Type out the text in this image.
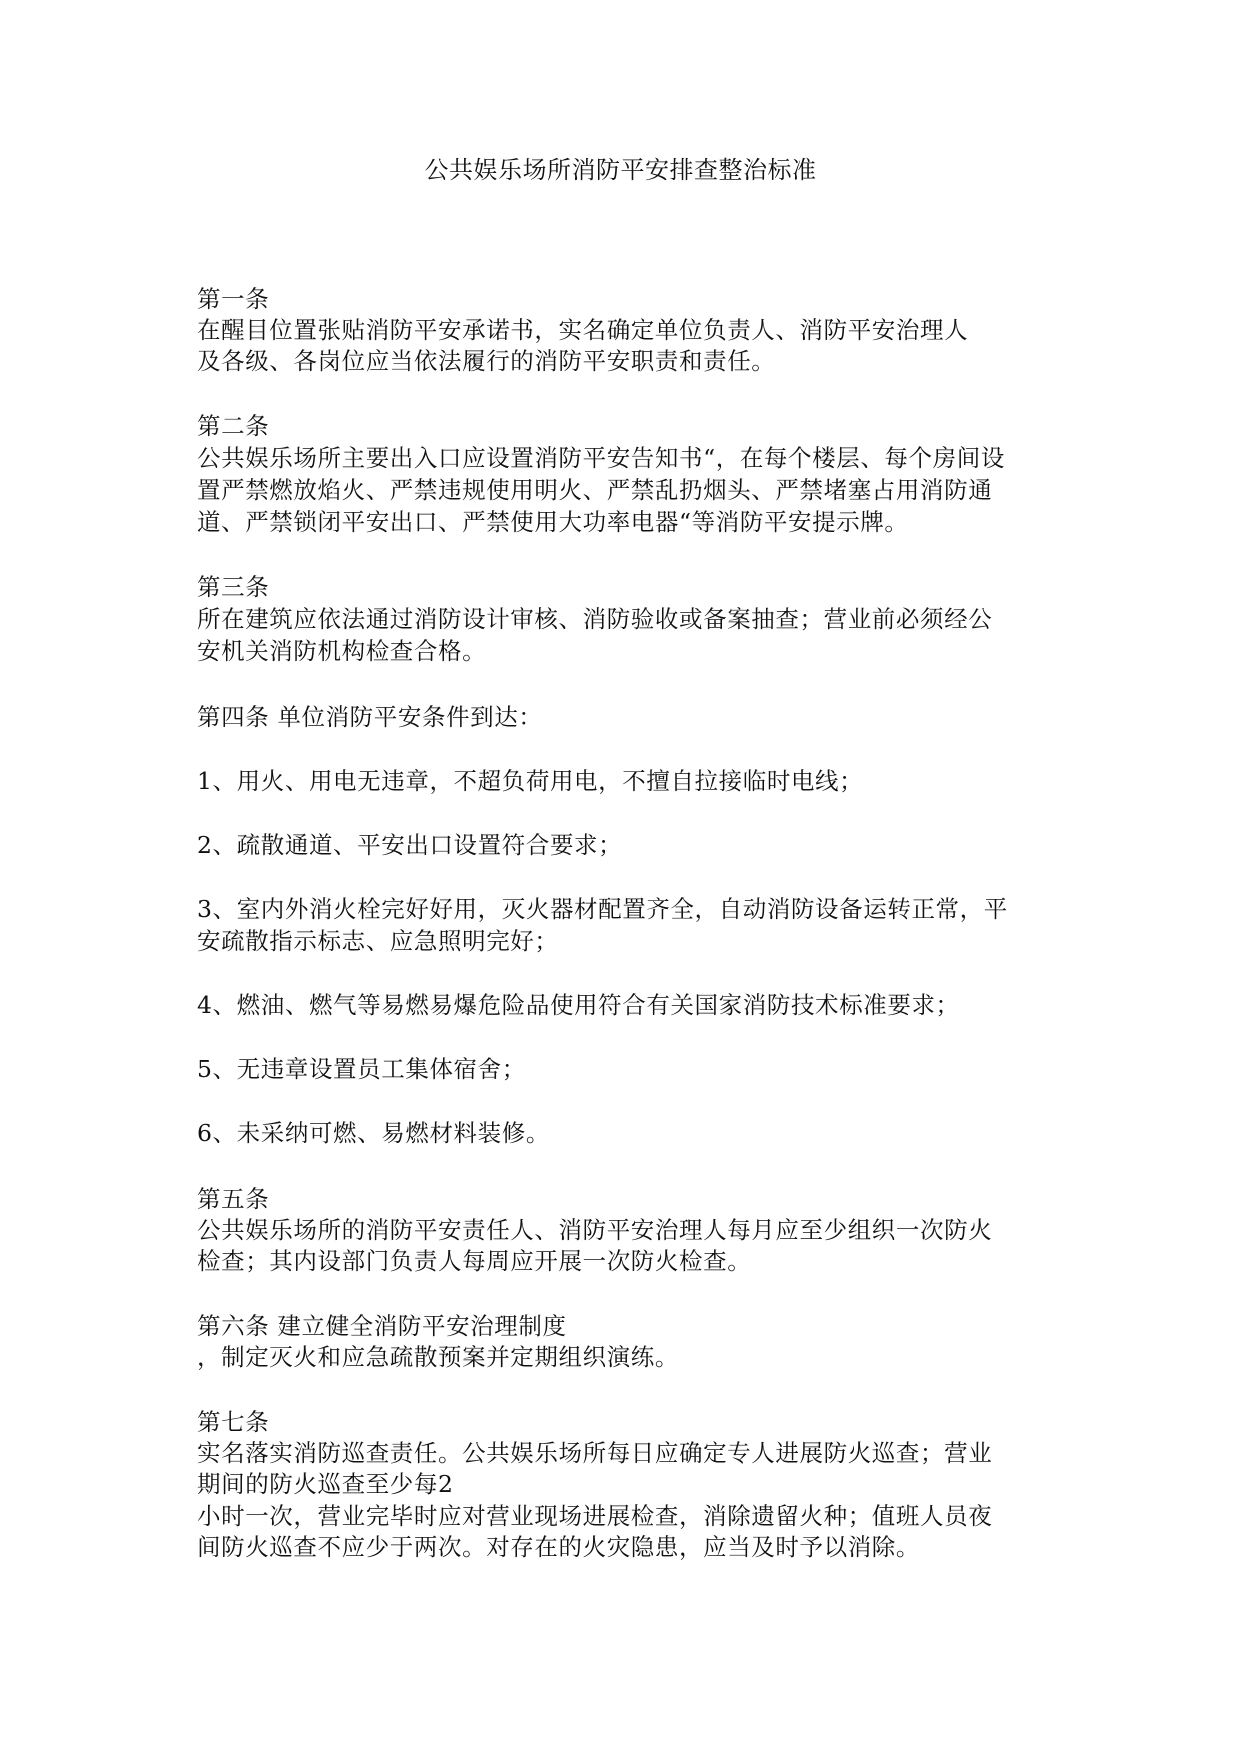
公共娱乐场所消防平安排查整治标准
第一条
在醒目位置张贴消防平安承诺书，实名确定单位负责人、消防平安治理人
及各级、各岗位应当依法履行的消防平安职责和责任。
第二条
公共娱乐场所主要出入口应设置消防平安告知书“，在每个楼层、每个房间设
置严禁燃放焰火、严禁违规使用明火、严禁乱扔烟头、严禁堵塞占用消防通
道、严禁锁闭平安出口、严禁使用大功率电器“等消防平安提示牌。
第三条
所在建筑应依法通过消防设计审核、消防验收或备案抽查；营业前必须经公
安机关消防机构检查合格。
第四条 单位消防平安条件到达：
1、用火、用电无违章，不超负荷用电，不擅自拉接临时电线；
2、疏散通道、平安出口设置符合要求；
3、室内外消火栓完好好用，灭火器材配置齐全，自动消防设备运转正常，平
安疏散指示标志、应急照明完好；
4、燃油、燃气等易燃易爆危险品使用符合有关国家消防技术标准要求；
5、无违章设置员工集体宿舍；
6、未采纳可燃、易燃材料装修。
第五条
公共娱乐场所的消防平安责任人、消防平安治理人每月应至少组织一次防火
检查；其内设部门负责人每周应开展一次防火检查。
第六条 建立健全消防平安治理制度
，制定灭火和应急疏散预案并定期组织演练。
第七条
实名落实消防巡查责任。公共娱乐场所每日应确定专人进展防火巡查；营业
期间的防火巡查至少每2
小时一次，营业完毕时应对营业现场进展检查，消除遗留火种；值班人员夜
间防火巡查不应少于两次。对存在的火灾隐患，应当及时予以消除。
